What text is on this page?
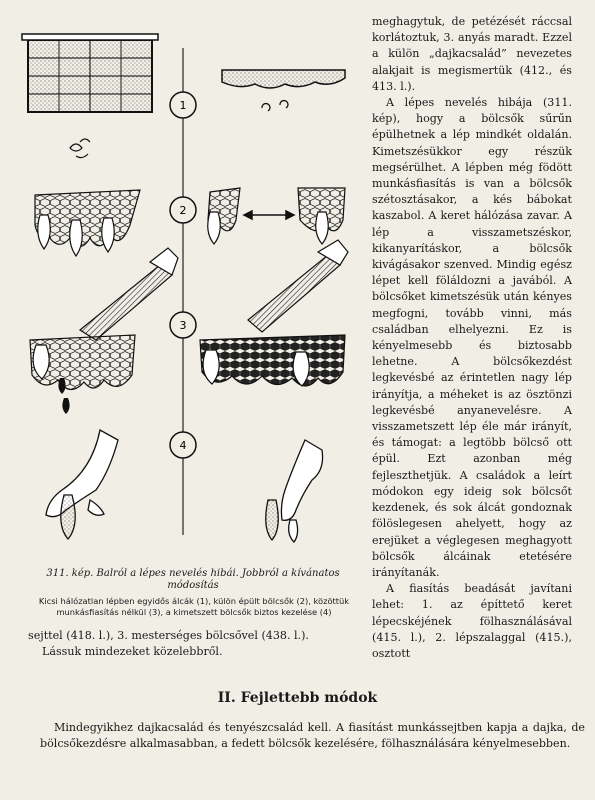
1
2
3
4
311. kép. Balról a lépes nevelés hibái. Jobbról a kívánatos módosítás
Kicsi hálózatlan lépben egyidős álcák (1), külön épült bölcsők (2), közöttük munkásfiasítás nélkül (3), a kimetszett bölcsők biztos kezelése (4)

meghagytuk, de petézését ráccsal korlátoztuk, 3. anyás maradt. Ezzel a külön „dajkacsalád” nevezetes alakjait is megismertük (412., és 413. l.).

A lépes nevelés hibája (311. kép), hogy a bölcsők sűrűn épülhetnek a lép mindkét oldalán. Kimetszésükkor egy részük megsérülhet. A lépben még födött munkásfiasítás is van a bölcsők szétosztásakor, a kés bábokat kaszabol. A keret hálózása zavar. A lép a visszametszéskor, kikanyarításkor, a bölcsők kivágásakor szenved. Mindig egész lépet kell föláldozni a javából. A bölcsőket kimetszésük után kényes megfogni, tovább vinni, más családban elhelyezni. Ez is kényelmesebb és biztosabb lehetne. A bölcsőkezdést legkevésbé az érintetlen nagy lép irányítja, a méheket is az ösztönzi legkevésbé anyanevelésre. A visszametszett lép éle már irányít, és támogat: a legtöbb bölcső ott épül. Ezt azonban még fejleszthetjük. A családok a leírt módokon egy ideig sok bölcsőt kezdenek, és sok álcát gondoznak fölöslegesen ahelyett, hogy az erejüket a véglegesen meghagyott bölcsők álcáinak etetésére irányítanák.

A fiasítás beadását javítani lehet: 1. az építtető keret lépecskéjének fölhasználásával (415. l.), 2. lépszalaggal (415.), osztott

sejttel (418. l.), 3. mesterséges bölcsővel (438. l.).

Lássuk mindezeket közelebbről.

II. Fejlettebb módok
Mindegyikhez dajkacsalád és tenyészcsalád kell. A fiasítást munkássejtben kapja a dajka, de bölcsőkezdésre alkalmasabban, a fedett bölcsők kezelésére, fölhasználására kényelmesebben.
